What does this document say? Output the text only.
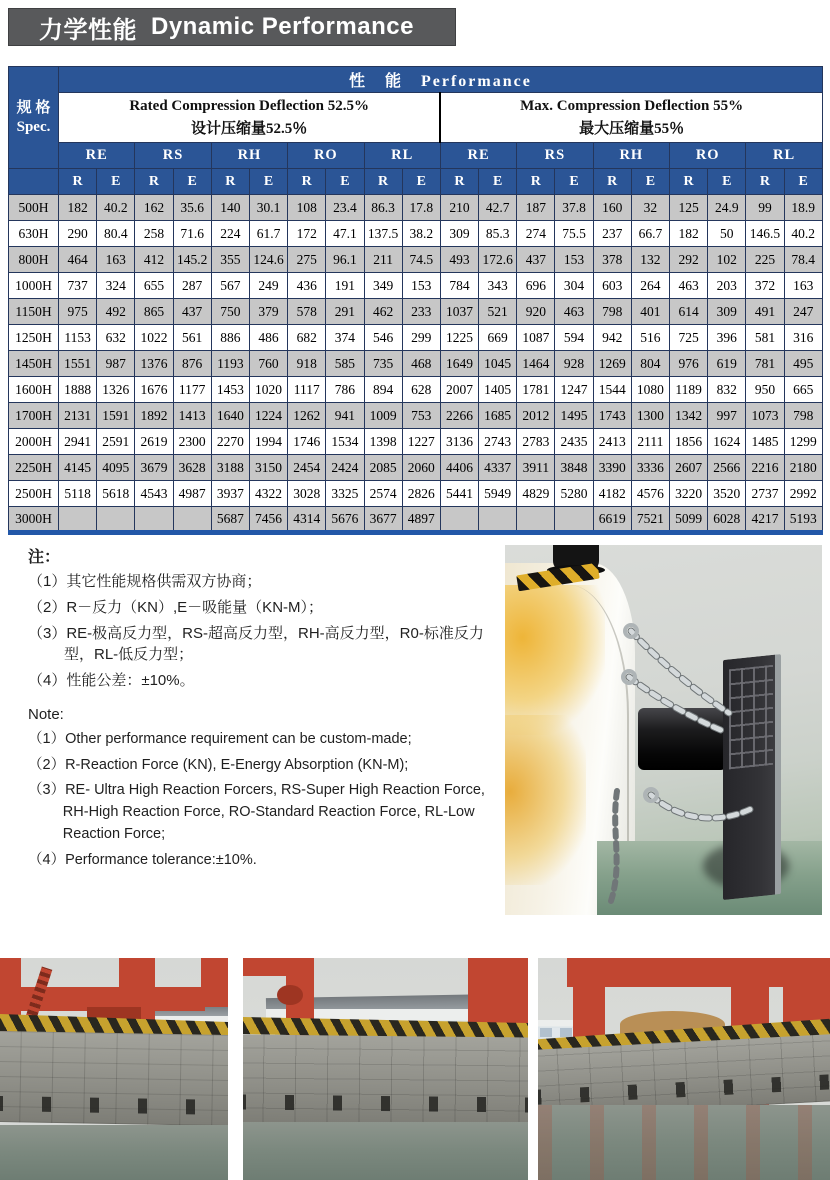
力学性能 Dynamic Performance
规 格
Spec.	性　能　Performance																			

Rated Compression Deflection 52.5%
设计压缩量52.5％

Max. Compression Deflection 55%
最大压缩量55％

	RE		RS		RH		RO		RL		RE		RS		RH		RO		RL	
	R	E	R	E	R	E	R	E	R	E	R	E	R	E	R	E	R	E	R	E
500H	182	40.2	162	35.6	140	30.1	108	23.4	86.3	17.8	210	42.7	187	37.8	160	32	125	24.9	99	18.9
630H	290	80.4	258	71.6	224	61.7	172	47.1	137.5	38.2	309	85.3	274	75.5	237	66.7	182	50	146.5	40.2
800H	464	163	412	145.2	355	124.6	275	96.1	211	74.5	493	172.6	437	153	378	132	292	102	225	78.4
1000H	737	324	655	287	567	249	436	191	349	153	784	343	696	304	603	264	463	203	372	163
1150H	975	492	865	437	750	379	578	291	462	233	1037	521	920	463	798	401	614	309	491	247
1250H	1153	632	1022	561	886	486	682	374	546	299	1225	669	1087	594	942	516	725	396	581	316
1450H	1551	987	1376	876	1193	760	918	585	735	468	1649	1045	1464	928	1269	804	976	619	781	495
1600H	1888	1326	1676	1177	1453	1020	1117	786	894	628	2007	1405	1781	1247	1544	1080	1189	832	950	665
1700H	2131	1591	1892	1413	1640	1224	1262	941	1009	753	2266	1685	2012	1495	1743	1300	1342	997	1073	798
2000H	2941	2591	2619	2300	2270	1994	1746	1534	1398	1227	3136	2743	2783	2435	2413	2111	1856	1624	1485	1299
2250H	4145	4095	3679	3628	3188	3150	2454	2424	2085	2060	4406	4337	3911	3848	3390	3336	2607	2566	2216	2180
2500H	5118	5618	4543	4987	3937	4322	3028	3325	2574	2826	5441	5949	4829	5280	4182	4576	3220	3520	2737	2992
3000H					5687	7456	4314	5676	3677	4897					6619	7521	5099	6028	4217	5193
注：
（1）其它性能规格供需双方协商；
（2）R－反力（KN）,E－吸能量（KN-M）；
（3）RE-极高反力型，RS-超高反力型，RH-高反力型，R0-标准反力型，RL-低反力型；
（4）性能公差：±10%。
Note:
（1）Other performance requirement can be custom-made;
（2）R-Reaction Force (KN), E-Energy Absorption (KN-M);
（3）RE- Ultra High Reaction Forcers, RS-Super High Reaction Force, RH-High Reaction Force, RO-Standard Reaction Force, RL-Low Reaction Force;
（4）Performance tolerance:±10%.
